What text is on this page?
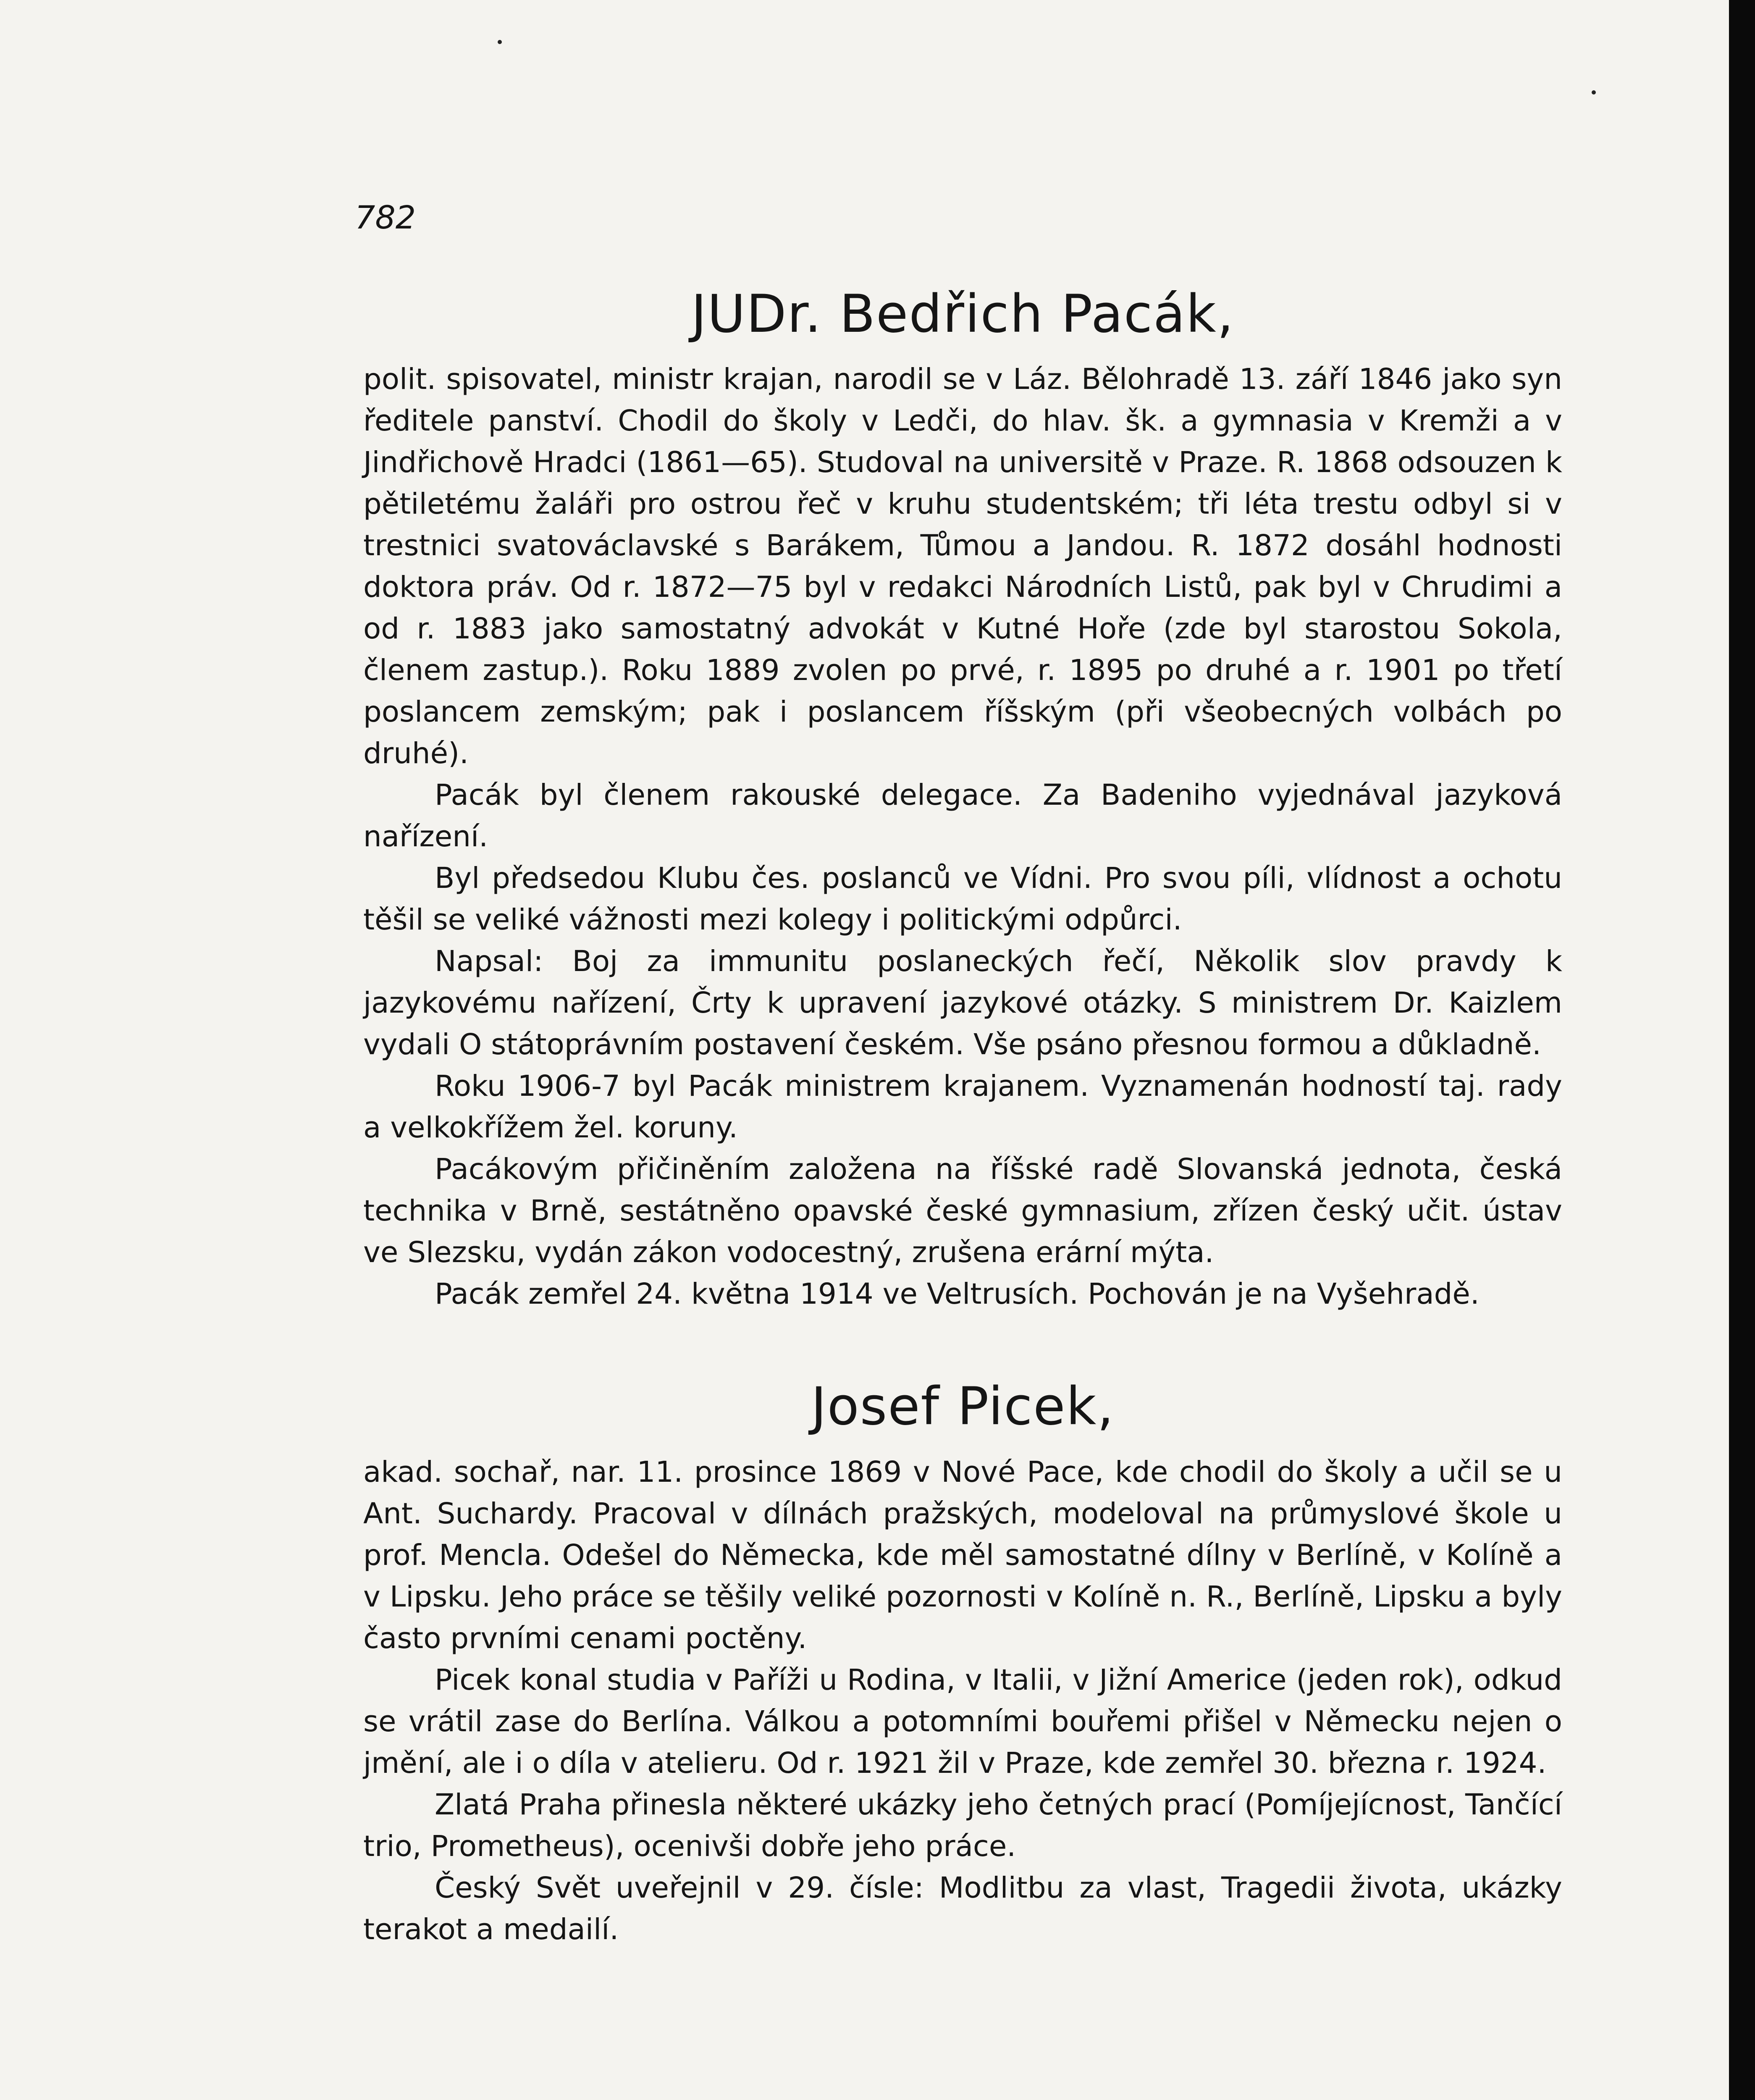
782

JUDr. Bedřich Pacák,

polit. spisovatel, ministr krajan, narodil se v Láz. Bělohradě 13. září 1846 jako syn ředitele panství. Chodil do školy v Ledči, do hlav. šk. a gymnasia v Kremži a v Jindřichově Hradci (1861—65). Studoval na universitě v Praze. R. 1868 odsouzen k pětiletému žaláři pro ostrou řeč v kruhu studentském; tři léta trestu odbyl si v trestnici svatováclavské s Barákem, Tůmou a Jandou. R. 1872 dosáhl hodnosti doktora práv. Od r. 1872—75 byl v redakci Národních Listů, pak byl v Chrudimi a od r. 1883 jako samostatný advokát v Kutné Hoře (zde byl starostou Sokola, členem zastup.). Roku 1889 zvolen po prvé, r. 1895 po druhé a r. 1901 po třetí poslancem zemským; pak i poslancem říšským (při všeobecných volbách po druhé).

Pacák byl členem rakouské delegace. Za Badeniho vyjednával jazyková nařízení.

Byl předsedou Klubu čes. poslanců ve Vídni. Pro svou píli, vlídnost a ochotu těšil se veliké vážnosti mezi kolegy i politickými odpůrci.

Napsal: Boj za immunitu poslaneckých řečí, Několik slov pravdy k jazykovému nařízení, Črty k upravení jazykové otázky. S ministrem Dr. Kaizlem vydali O státoprávním postavení českém. Vše psáno přesnou formou a důkladně.

Roku 1906-7 byl Pacák ministrem krajanem. Vyznamenán hodností taj. rady a velkokřížem žel. koruny.

Pacákovým přičiněním založena na říšské radě Slovanská jednota, česká technika v Brně, sestátněno opavské české gymnasium, zřízen český učit. ústav ve Slezsku, vydán zákon vodocestný, zrušena erární mýta.

Pacák zemřel 24. května 1914 ve Veltrusích. Pochován je na Vyšehradě.

Josef Picek,

akad. sochař, nar. 11. prosince 1869 v Nové Pace, kde chodil do školy a učil se u Ant. Suchardy. Pracoval v dílnách pražských, modeloval na průmyslové škole u prof. Mencla. Odešel do Německa, kde měl samostatné dílny v Berlíně, v Kolíně a v Lipsku. Jeho práce se těšily veliké pozornosti v Kolíně n. R., Berlíně, Lipsku a byly často prvními cenami poctěny.

Picek konal studia v Paříži u Rodina, v Italii, v Jižní Americe (jeden rok), odkud se vrátil zase do Berlína. Válkou a potomními bouřemi přišel v Německu nejen o jmění, ale i o díla v atelieru. Od r. 1921 žil v Praze, kde zemřel 30. března r. 1924.

Zlatá Praha přinesla některé ukázky jeho četných prací (Pomíjejícnost, Tančící trio, Prometheus), ocenivši dobře jeho práce.

Český Svět uveřejnil v 29. čísle: Modlitbu za vlast, Tragedii života, ukázky terakot a medailí.
